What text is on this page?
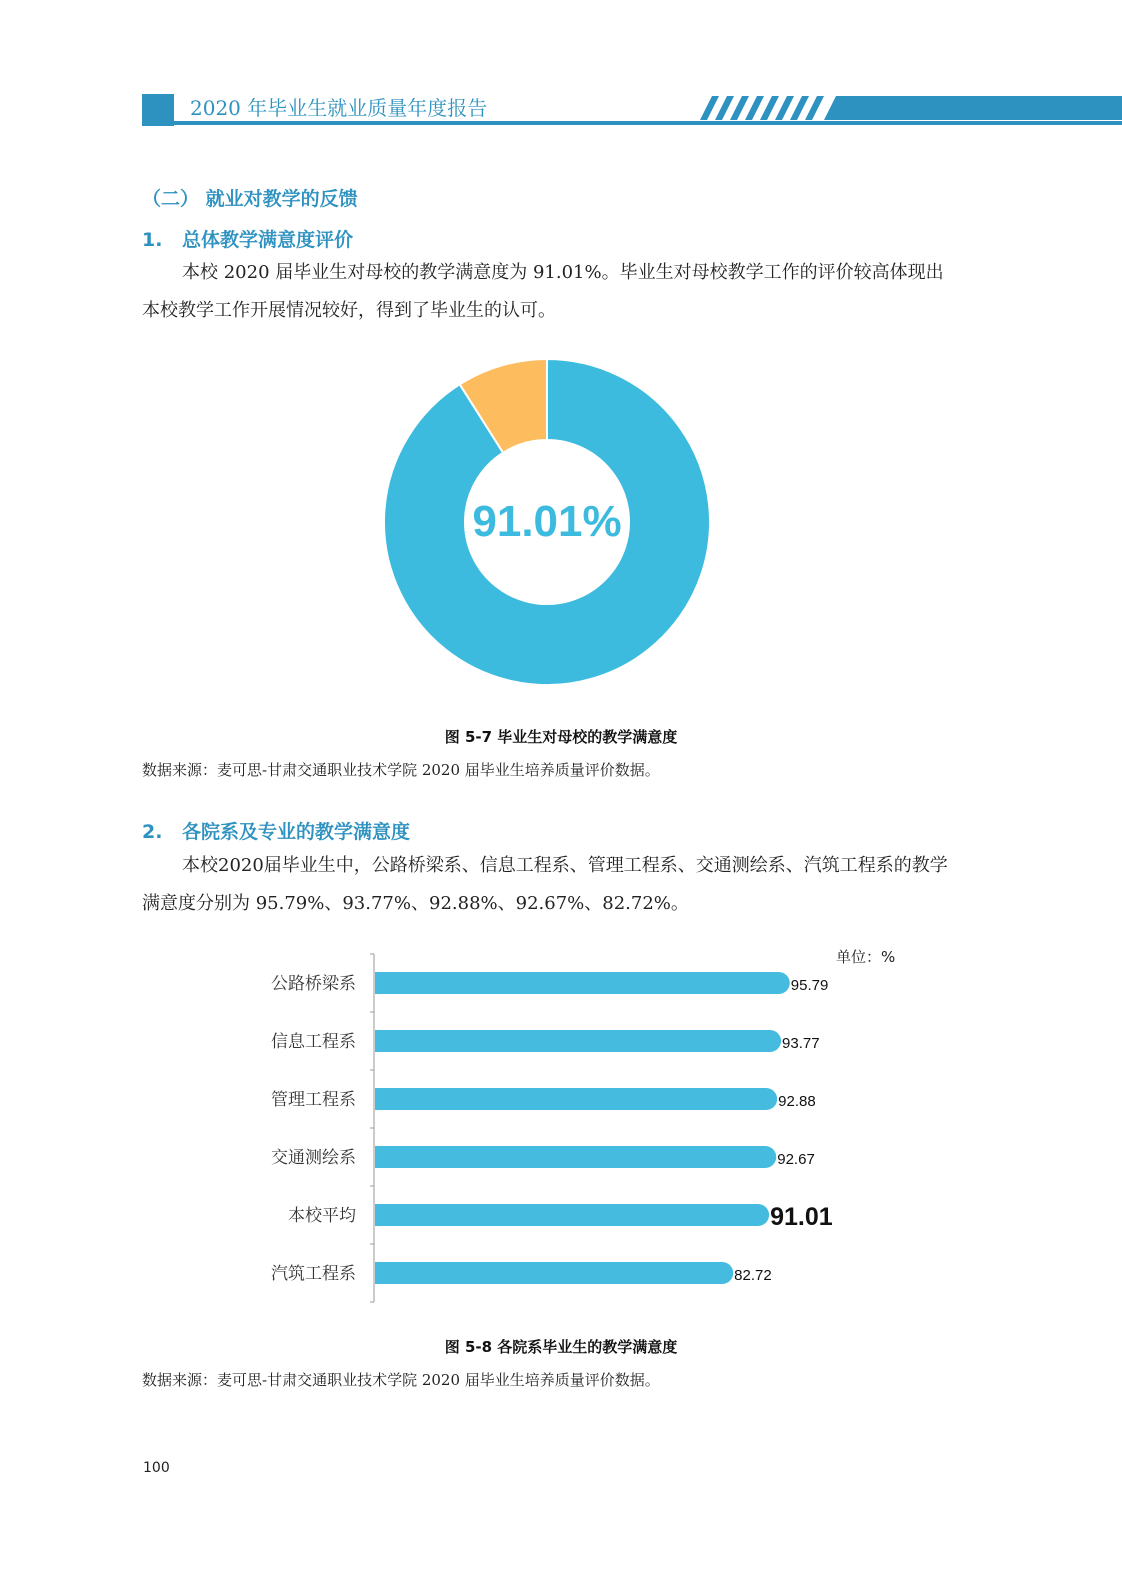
2020 年毕业生就业质量年度报告
（二） 就业对教学的反馈
1. 总体教学满意度评价
本校 2020 届毕业生对母校的教学满意度为 91.01%。毕业生对母校教学工作的评价较高体现出本校教学工作开展情况较好，得到了毕业生的认可。
91.01%
图 5-7 毕业生对母校的教学满意度
数据来源：麦可思-甘肃交通职业技术学院 2020 届毕业生培养质量评价数据。
2. 各院系及专业的教学满意度
本校2020届毕业生中，公路桥梁系、信息工程系、管理工程系、交通测绘系、汽筑工程系的教学满意度分别为 95.79%、93.77%、92.88%、92.67%、82.72%。
单位：%
公路桥梁系	95.79
信息工程系	93.77
管理工程系	92.88
交通测绘系	92.67
本校平均	91.01
汽筑工程系	82.72
图 5-8 各院系毕业生的教学满意度
数据来源：麦可思-甘肃交通职业技术学院 2020 届毕业生培养质量评价数据。
100
